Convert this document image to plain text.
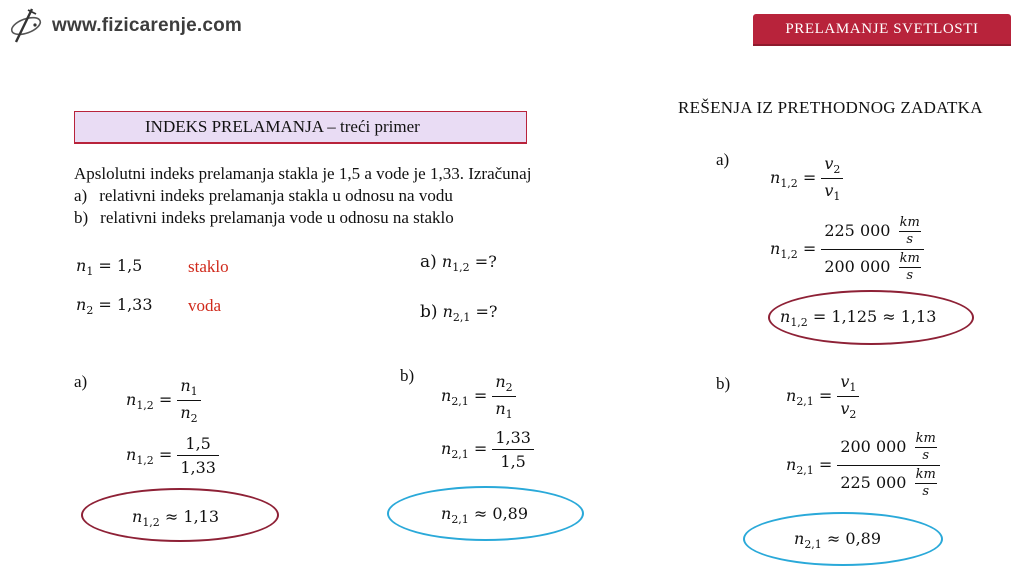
www.fizicarenje.com	PRELAMANJE SVETLOSTI
INDEKS PRELAMANJA – treći primer
Apslolutni indeks prelamanja stakla je 1,5 a vode je 1,33. Izračunaj
a) relativni indeks prelamanja stakla u odnosu na vodu
b) relativni indeks prelamanja vode u odnosu na staklo
$n_1 = 1,5$	staklo
$n_2 = 1,33$ voda
a) $n_{1,2}$ =?
b) $n_{2,1}$ =?
a)
$n_{1,2} = \frac{n_1}{n_2}$
$n_{1,2} = \frac{1,5}{1,33}$
$n_{1,2} \approx 1,13$
b)
$n_{2,1} = \frac{n_2}{n_1}$
$n_{2,1} = \frac{1,33}{1,5}$
$n_{2,1} \approx 0,89$
REŠENJA IZ PRETHODNOG ZADATKA
a)
$n_{1,2} = \frac{v_2}{v_1}$
$n_{1,2} = \frac{225 000 \frac{km}{s}}{200 000 \frac{km}{s}}$
$n_{1,2} = 1,125 \approx 1,13$
b)
$n_{2,1} = \frac{v_1}{v_2}$
$n_{2,1} = \frac{200 000 \frac{km}{s}}{225 000 \frac{km}{s}}$
$n_{2,1} \approx 0,89$
